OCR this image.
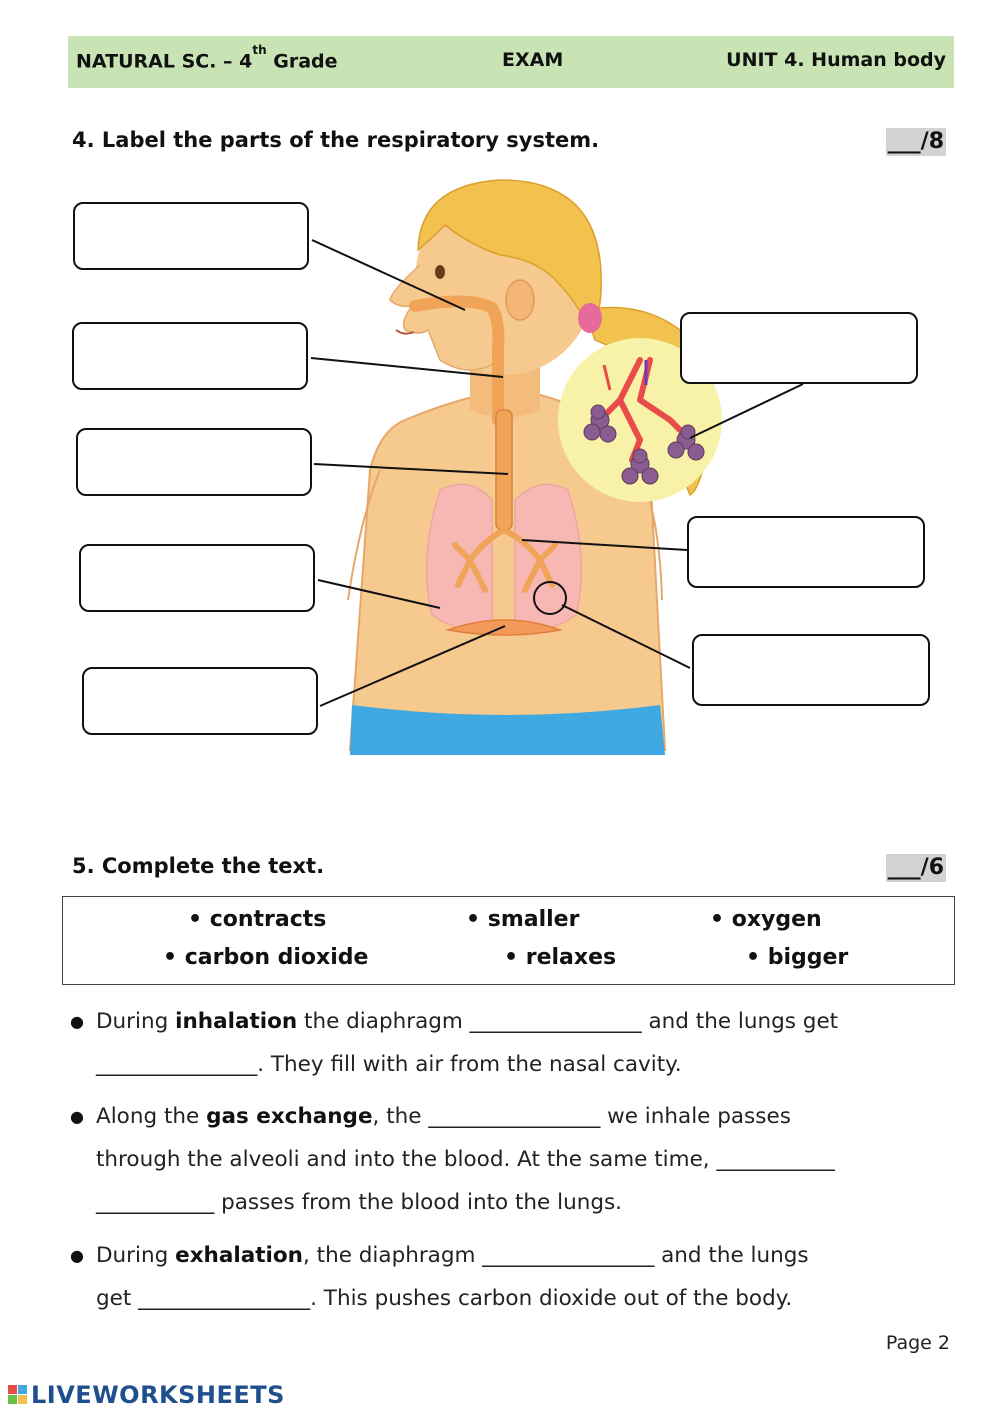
NATURAL SC. – 4th Grade	EXAM	UNIT 4. Human body
4. Label the parts of the respiratory system.	___/8
5. Complete the text.	___/6
• contracts	• smaller	• oxygen
• carbon dioxide	• relaxes	• bigger
● During inhalation the diaphragm ________________ and the lungs get
_______________. They fill with air from the nasal cavity.
● Along the gas exchange, the ________________ we inhale passes
through the alveoli and into the blood. At the same time, ___________
___________ passes from the blood into the lungs.
● During exhalation, the diaphragm ________________ and the lungs
get ________________. This pushes carbon dioxide out of the body.
Page 2
LIVEWORKSHEETS
